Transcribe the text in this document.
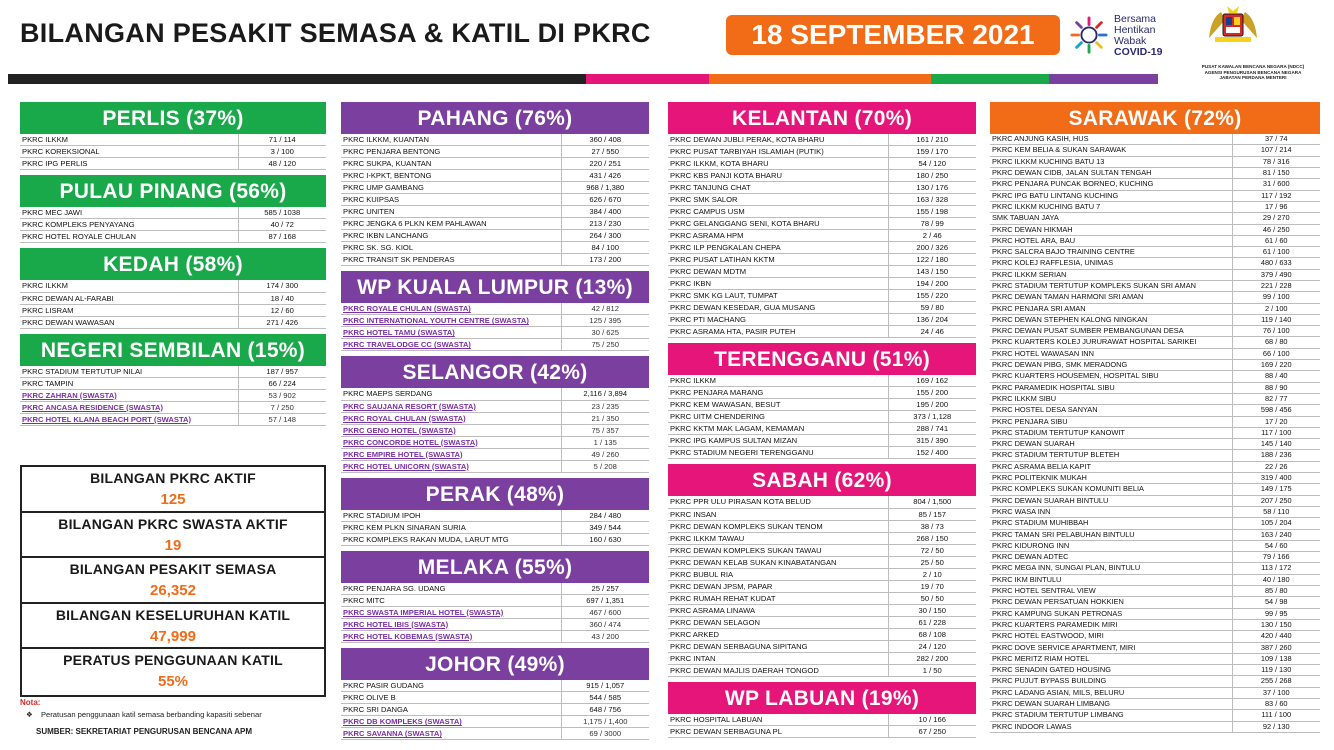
BILANGAN PESAKIT SEMASA & KATIL DI PKRC	18 SEPTEMBER 2021	Bersama
Hentikan
Wabak
COVID-19
PUSAT KAWALAN BENCANA NEGARA (NDCC)
AGENSI PENGURUSAN BENCANA NEGARA
JABATAN PERDANA MENTERI
PERLIS (37%)
PKRC ILKKM	71 / 114
PKRC KOREKSIONAL	3 / 100
PKRC IPG PERLIS	48 / 120
PULAU PINANG (56%)
PKRC MEC JAWI	585 / 1038
PKRC KOMPLEKS PENYAYANG	40 / 72
PKRC HOTEL ROYALE CHULAN	87 / 168
KEDAH (58%)
PKRC ILKKM	174 / 300
PKRC DEWAN AL-FARABI	18 / 40
PKRC LISRAM	12 / 60
PKRC DEWAN WAWASAN	271 / 426
NEGERI SEMBILAN (15%)
PKRC STADIUM TERTUTUP NILAI	187 / 957
PKRC TAMPIN	66 / 224
PKRC ZAHRAN (SWASTA)	53 / 902
PKRC ANCASA RESIDENCE (SWASTA)	7 / 250
PKRC HOTEL KLANA BEACH PORT (SWASTA)	57 / 148
PAHANG (76%)
PKRC ILKKM, KUANTAN	360 / 408
PKRC PENJARA BENTONG	27 / 550
PKRC SUKPA, KUANTAN	220 / 251
PKRC I-KPKT, BENTONG	431 / 426
PKRC UMP GAMBANG	968 / 1,380
PKRC KUIPSAS	626 / 670
PKRC UNITEN	384 / 400
PKRC JENGKA 6 PLKN KEM PAHLAWAN	213 / 230
PKRC IKBN LANCHANG	264 / 300
PKRC SK. SG. KIOL	84 / 100
PKRC TRANSIT SK PENDERAS	173 / 200
WP KUALA LUMPUR (13%)
PKRC ROYALE CHULAN (SWASTA)	42 / 812
PKRC INTERNATIONAL YOUTH CENTRE (SWASTA)	125 / 395
PKRC HOTEL TAMU (SWASTA)	30 / 625
PKRC TRAVELODGE CC (SWASTA)	75 / 250
SELANGOR (42%)
PKRC MAEPS SERDANG	2,116 / 3,894
PKRC SAUJANA RESORT (SWASTA)	23 / 235
PKRC ROYAL CHULAN (SWASTA)	21 / 350
PKRC GENO HOTEL (SWASTA)	75 / 357
PKRC CONCORDE HOTEL (SWASTA)	1 / 135
PKRC EMPIRE HOTEL (SWASTA)	49 / 260
PKRC HOTEL UNICORN (SWASTA)	5 / 208
PERAK (48%)
PKRC STADIUM IPOH	284 / 480
PKRC KEM PLKN SINARAN SURIA	349 / 544
PKRC KOMPLEKS RAKAN MUDA, LARUT MTG	160 / 630
MELAKA (55%)
PKRC PENJARA SG. UDANG	25 / 257
PKRC MITC	697 / 1,351
PKRC SWASTA IMPERIAL HOTEL (SWASTA)	467 / 600
PKRC HOTEL IBIS (SWASTA)	360 / 474
PKRC HOTEL KOBEMAS (SWASTA)	43 / 200
JOHOR (49%)
PKRC PASIR GUDANG	915 / 1,057
PKRC OLIVE B	544 / 585
PKRC SRI DANGA	648 / 756
PKRC DB KOMPLEKS (SWASTA)	1,175 / 1,400
PKRC SAVANNA (SWASTA)	69 / 3000
KELANTAN (70%)
PKRC DEWAN JUBLI PERAK, KOTA BHARU	161 / 210
PKRC PUSAT TARBIYAH ISLAMIAH (PUTIK)	159 / 170
PKRC ILKKM, KOTA BHARU	54 / 120
PKRC KBS PANJI KOTA BHARU	180 / 250
PKRC TANJUNG CHAT	130 / 176
PKRC SMK SALOR	163 / 328
PKRC CAMPUS USM	155 / 198
PKRC GELANGGANG SENI, KOTA BHARU	78 / 99
PKRC ASRAMA HPM	2 / 46
PKRC ILP PENGKALAN CHEPA	200 / 326
PKRC PUSAT LATIHAN KKTM	122 / 180
PKRC DEWAN MDTM	143 / 150
PKRC IKBN	194 / 200
PKRC SMK KG LAUT, TUMPAT	155 / 220
PKRC DEWAN KESEDAR, GUA MUSANG	59 / 80
PKRC PTI MACHANG	136 / 204
PKRC ASRAMA HTA, PASIR PUTEH	24 / 46
TERENGGANU (51%)
PKRC ILKKM	169 / 162
PKRC PENJARA MARANG	155 / 200
PKRC KEM WAWASAN, BESUT	195 / 200
PKRC UITM CHENDERING	373 / 1,128
PKRC KKTM MAK LAGAM, KEMAMAN	288 / 741
PKRC IPG KAMPUS SULTAN MIZAN	315 / 390
PKRC STADIUM NEGERI TERENGGANU	152 / 400
SABAH (62%)
PKRC PPR ULU PIRASAN KOTA BELUD	804 / 1,500
PKRC INSAN	85 / 157
PKRC DEWAN KOMPLEKS SUKAN TENOM	38 / 73
PKRC ILKKM TAWAU	268 / 150
PKRC DEWAN KOMPLEKS SUKAN TAWAU	72 / 50
PKRC DEWAN KELAB SUKAN KINABATANGAN	25 / 50
PKRC BUBUL RIA	2 / 10
PKRC DEWAN JPSM, PAPAR	19 / 70
PKRC RUMAH REHAT KUDAT	50 / 50
PKRC ASRAMA LINAWA	30 / 150
PKRC DEWAN SELAGON	61 / 228
PKRC ARKED	68 / 108
PKRC DEWAN SERBAGUNA SIPITANG	24 / 120
PKRC INTAN	282 / 200
PKRC DEWAN MAJLIS DAERAH TONGOD	1 / 50
WP LABUAN (19%)
PKRC HOSPITAL LABUAN	10 / 166
PKRC DEWAN SERBAGUNA PL	67 / 250
SARAWAK (72%)
PKRC ANJUNG KASIH, HUS	37 / 74
PKRC KEM BELIA & SUKAN SARAWAK	107 / 214
PKRC ILKKM KUCHING BATU 13	78 / 316
PKRC DEWAN CIDB, JALAN SULTAN TENGAH	81 / 150
PKRC PENJARA PUNCAK BORNEO, KUCHING	31 / 600
PKRC IPG BATU LINTANG KUCHING	117 / 192
PKRC ILKKM KUCHING BATU 7	17 / 96
SMK TABUAN JAYA	29 / 270
PKRC DEWAN HIKMAH	46 / 250
PKRC HOTEL ARA, BAU	61 / 60
PKRC SALCRA BAJO TRAINING CENTRE	61 / 100
PKRC KOLEJ RAFFLESIA, UNIMAS	480 / 633
PKRC ILKKM SERIAN	379 / 490
PKRC STADIUM TERTUTUP KOMPLEKS SUKAN SRI AMAN	221 / 228
PKRC DEWAN TAMAN HARMONI SRI AMAN	99 / 100
PKRC PENJARA SRI AMAN	2 / 100
PKRC DEWAN STEPHEN KALONG NINGKAN	119 / 140
PKRC DEWAN PUSAT SUMBER PEMBANGUNAN DESA	76 / 100
PKRC KUARTERS KOLEJ JURURAWAT HOSPITAL SARIKEI	68 / 80
PKRC HOTEL WAWASAN INN	66 / 100
PKRC DEWAN PIBG, SMK MERADONG	169 / 220
PKRC KUARTERS HOUSEMEN, HOSPITAL SIBU	88 / 40
PKRC PARAMEDIK HOSPITAL SIBU	88 / 90
PKRC ILKKM SIBU	82 / 77
PKRC HOSTEL DESA SANYAN	598 / 456
PKRC PENJARA SIBU	17 / 20
PKRC STADIUM TERTUTUP KANOWIT	117 / 100
PKRC DEWAN SUARAH	145 / 140
PKRC STADIUM TERTUTUP BLETEH	188 / 236
PKRC ASRAMA BELIA KAPIT	22 / 26
PKRC POLITEKNIK MUKAH	319 / 400
PKRC KOMPLEKS SUKAN KOMUNITI BELIA	149 / 175
PKRC DEWAN SUARAH BINTULU	207 / 250
PKRC WASA INN	58 / 110
PKRC STADIUM MUHIBBAH	105 / 204
PKRC TAMAN SRI PELABUHAN BINTULU	163 / 240
PKRC KIDURONG INN	54 / 60
PKRC DEWAN ADTEC	79 / 166
PKRC MEGA INN, SUNGAI PLAN, BINTULU	113 / 172
PKRC IKM BINTULU	40 / 180
PKRC HOTEL SENTRAL VIEW	85 / 80
PKRC DEWAN PERSATUAN HOKKIEN	54 / 98
PKRC KAMPUNG SUKAN PETRONAS	99 / 95
PKRC KUARTERS PARAMEDIK MIRI	130 / 150
PKRC HOTEL EASTWOOD, MIRI	420 / 440
PKRC DOVE SERVICE APARTMENT, MIRI	387 / 260
PKRC MERITZ RIAM HOTEL	109 / 138
PKRC SENADIN GATED HOUSING	119 / 130
PKRC PUJUT BYPASS BUILDING	255 / 268
PKRC LADANG ASIAN, MILS, BELURU	37 / 100
PKRC DEWAN SUARAH LIMBANG	83 / 60
PKRC STADIUM TERTUTUP LIMBANG	111 / 100
PKRC INDOOR LAWAS	92 / 130
BILANGAN PKRC AKTIF
125
BILANGAN PKRC SWASTA AKTIF
19
BILANGAN PESAKIT SEMASA
26,352
BILANGAN KESELURUHAN KATIL
47,999
PERATUS PENGGUNAAN KATIL
55%
Nota:
❖ Peratusan penggunaan katil semasa berbanding kapasiti sebenar
SUMBER: SEKRETARIAT PENGURUSAN BENCANA APM
